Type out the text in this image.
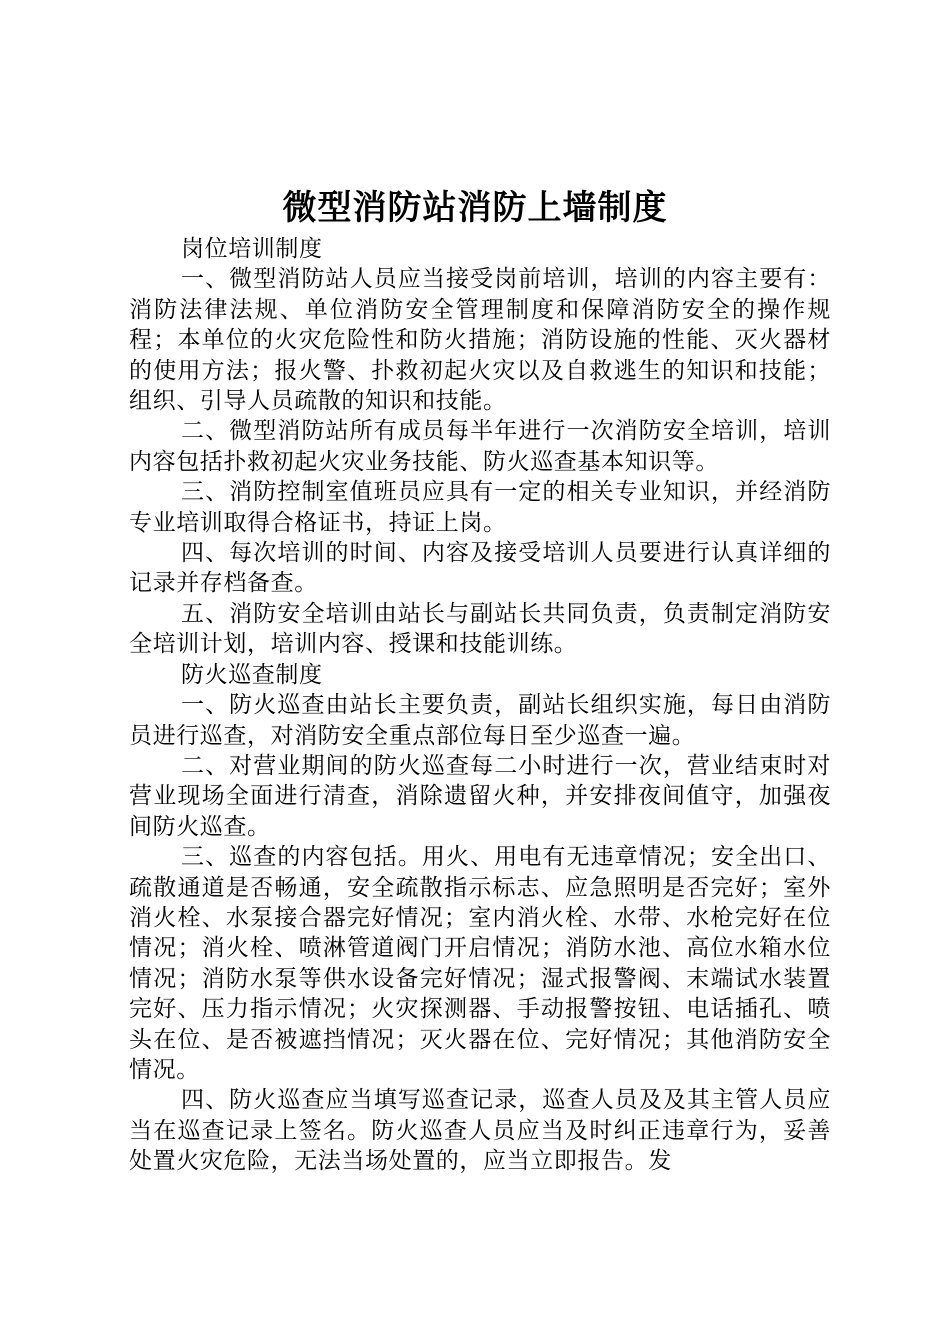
微型消防站消防上墙制度

岗位培训制度

一、微型消防站人员应当接受岗前培训，培训的内容主要有：消防法律法规、单位消防安全管理制度和保障消防安全的操作规程；本单位的火灾危险性和防火措施；消防设施的性能、灭火器材的使用方法；报火警、扑救初起火灾以及自救逃生的知识和技能；组织、引导人员疏散的知识和技能。

二、微型消防站所有成员每半年进行一次消防安全培训，培训内容包括扑救初起火灾业务技能、防火巡查基本知识等。

三、消防控制室值班员应具有一定的相关专业知识，并经消防专业培训取得合格证书，持证上岗。

四、每次培训的时间、内容及接受培训人员要进行认真详细的记录并存档备查。

五、消防安全培训由站长与副站长共同负责，负责制定消防安全培训计划，培训内容、授课和技能训练。

防火巡查制度

一、防火巡查由站长主要负责，副站长组织实施，每日由消防员进行巡查，对消防安全重点部位每日至少巡查一遍。

二、对营业期间的防火巡查每二小时进行一次，营业结束时对营业现场全面进行清查，消除遗留火种，并安排夜间值守，加强夜间防火巡查。

三、巡查的内容包括。用火、用电有无违章情况；安全出口、疏散通道是否畅通，安全疏散指示标志、应急照明是否完好；室外消火栓、水泵接合器完好情况；室内消火栓、水带、水枪完好在位情况；消火栓、喷淋管道阀门开启情况；消防水池、高位水箱水位情况；消防水泵等供水设备完好情况；湿式报警阀、末端试水装置完好、压力指示情况；火灾探测器、手动报警按钮、电话插孔、喷头在位、是否被遮挡情况；灭火器在位、完好情况；其他消防安全情况。

四、防火巡查应当填写巡查记录，巡查人员及及其主管人员应当在巡查记录上签名。防火巡查人员应当及时纠正违章行为，妥善处置火灾危险，无法当场处置的，应当立即报告。发
